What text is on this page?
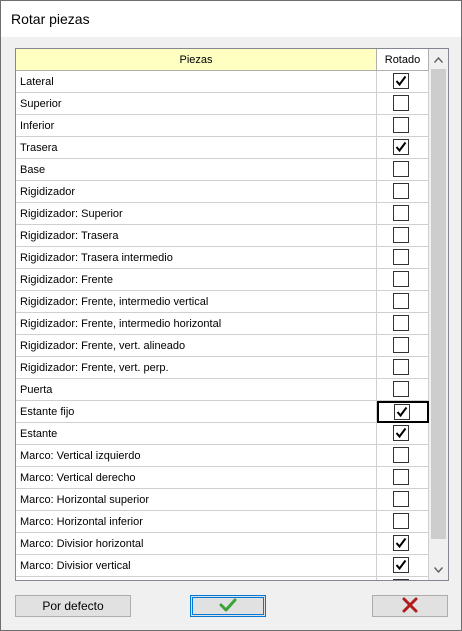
Rotar piezas
Piezas	Rotado
Lateral
Superior
Inferior
Trasera
Base
Rigidizador
Rigidizador: Superior
Rigidizador: Trasera
Rigidizador: Trasera intermedio
Rigidizador: Frente
Rigidizador: Frente, intermedio vertical
Rigidizador: Frente, intermedio horizontal
Rigidizador: Frente, vert. alineado
Rigidizador: Frente, vert. perp.
Puerta
Estante fijo
Estante
Marco: Vertical izquierdo
Marco: Vertical derecho
Marco: Horizontal superior
Marco: Horizontal inferior
Marco: Divisior horizontal
Marco: Divisior vertical
Por defecto
